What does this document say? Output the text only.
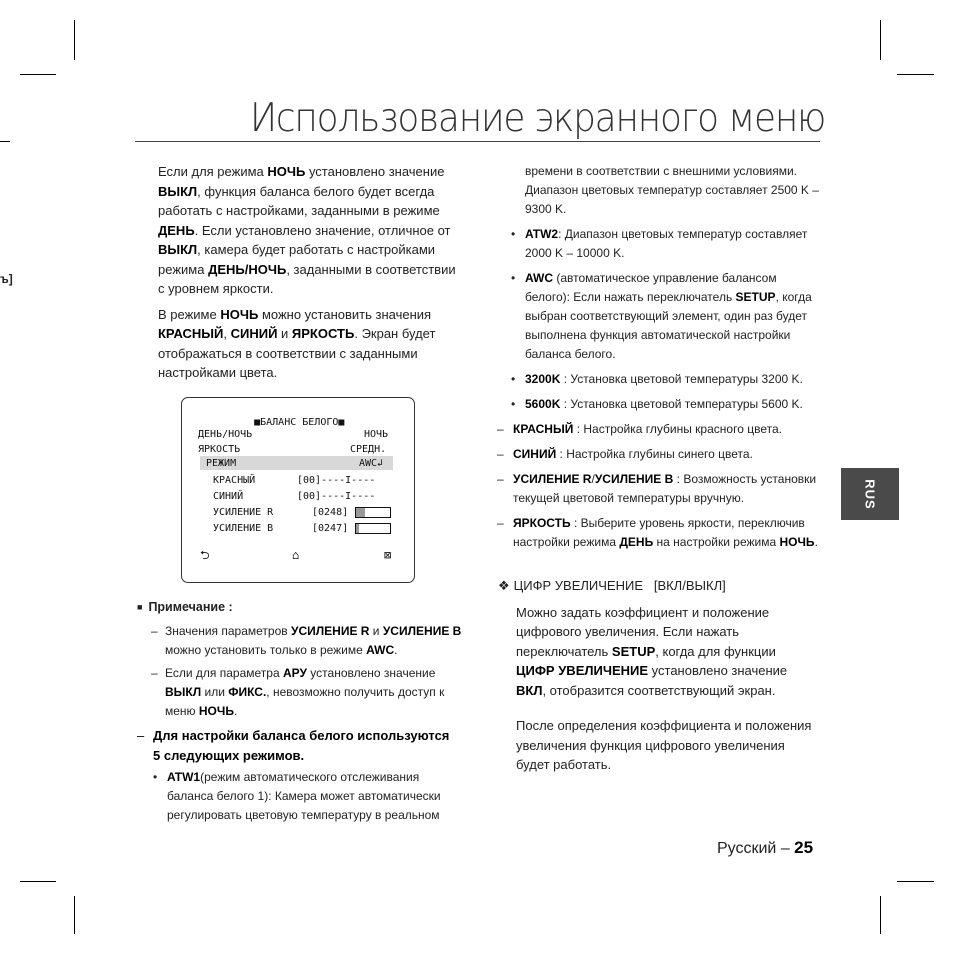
ъ]
Использование экранного меню

Если для режима НОЧЬ установлено значение ВЫКЛ, функция баланса белого будет всегда работать с настройками, заданными в режиме ДЕНЬ. Если установлено значение, отличное от ВЫКЛ, камера будет работать с настройками режима ДЕНЬ/НОЧЬ, заданными в соответствии с уровнем яркости.

В режиме НОЧЬ можно установить значения КРАСНЫЙ, СИНИЙ и ЯРКОСТЬ. Экран будет отображаться в соответствии с заданными настройками цвета.

■БАЛАНС БЕЛОГО■

ДЕНЬ/НОЧЬ	НОЧЬ
ЯРКОСТЬ	СРЕДН.
РЕЖИМ	AWC↲
КРАСНЫЙ	[00]----I----
СИНИЙ	[00]----I----
УСИЛЕНИЕ R	[0248]
УСИЛЕНИЕ B	[0247]
⮌	⌂	⊠
■ Примечание :
– Значения параметров УСИЛЕНИЕ R и УСИЛЕНИЕ B можно установить только в режиме AWC.
– Если для параметра АРУ установлено значение ВЫКЛ или ФИКС., невозможно получить доступ к меню НОЧЬ.
– Для настройки баланса белого используются 5 следующих режимов.
• ATW1(режим автоматического отслеживания баланса белого 1): Камера может автоматически регулировать цветовую температуру в реальном
времени в соответствии с внешними условиями. Диапазон цветовых температур составляет 2500 K – 9300 K.
• ATW2: Диапазон цветовых температур составляет 2000 K – 10000 K.
• AWC (автоматическое управление балансом белого): Если нажать переключатель SETUP, когда выбран соответствующий элемент, один раз будет выполнена функция автоматической настройки баланса белого.
• 3200K : Установка цветовой температуры 3200 K.
• 5600K : Установка цветовой температуры 5600 K.
– КРАСНЫЙ : Настройка глубины красного цвета.
– СИНИЙ : Настройка глубины синего цвета.
– УСИЛЕНИЕ R/УСИЛЕНИЕ B : Возможность установки текущей цветовой температуры вручную.
– ЯРКОСТЬ : Выберите уровень яркости, переключив настройки режима ДЕНЬ на настройки режима НОЧЬ.
❖ ЦИФР УВЕЛИЧЕНИЕ   [ВКЛ/ВЫКЛ]

Можно задать коэффициент и положение цифрового увеличения. Если нажать переключатель SETUP, когда для функции ЦИФР УВЕЛИЧЕНИЕ установлено значение ВКЛ, отобразится соответствующий экран.

После определения коэффициента и положения увеличения функция цифрового увеличения будет работать.

RUS
Русский – 25
